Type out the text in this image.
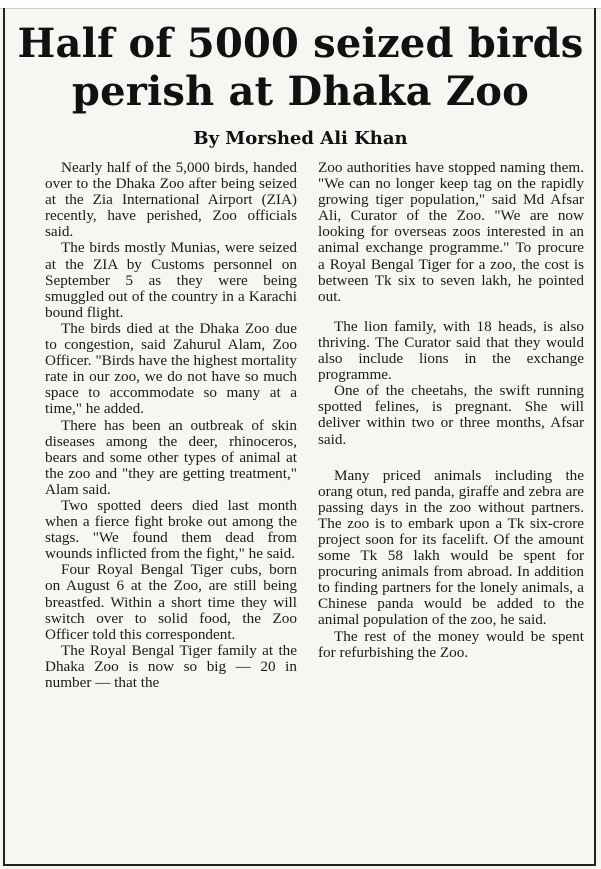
Half of 5000 seized birds perish at Dhaka Zoo
By Morshed Ali Khan

Nearly half of the 5,000 birds, handed over to the Dhaka Zoo after being seized at the Zia International Airport (ZIA) recently, have perished, Zoo officials said.

The birds mostly Munias, were seized at the ZIA by Customs personnel on September 5 as they were being smuggled out of the country in a Karachi bound flight.

The birds died at the Dhaka Zoo due to congestion, said Zahurul Alam, Zoo Officer. "Birds have the highest mortality rate in our zoo, we do not have so much space to accommodate so many at a time," he added.

There has been an outbreak of skin diseases among the deer, rhinoceros, bears and some other types of animal at the zoo and "they are getting treatment," Alam said.

Two spotted deers died last month when a fierce fight broke out among the stags. "We found them dead from wounds inflicted from the fight," he said.

Four Royal Bengal Tiger cubs, born on August 6 at the Zoo, are still being breastfed. Within a short time they will switch over to solid food, the Zoo Officer told this correspondent.

The Royal Bengal Tiger family at the Dhaka Zoo is now so big — 20 in number — that the

Zoo authorities have stopped naming them. "We can no longer keep tag on the rapidly growing tiger population," said Md Afsar Ali, Curator of the Zoo. "We are now looking for overseas zoos interested in an animal exchange programme." To procure a Royal Bengal Tiger for a zoo, the cost is between Tk six to seven lakh, he pointed out.

The lion family, with 18 heads, is also thriving. The Curator said that they would also include lions in the exchange programme.

One of the cheetahs, the swift running spotted felines, is pregnant. She will deliver within two or three months, Afsar said.

Many priced animals including the orang otun, red panda, giraffe and zebra are passing days in the zoo without partners. The zoo is to embark upon a Tk six-crore project soon for its facelift. Of the amount some Tk 58 lakh would be spent for procuring animals from abroad. In addition to finding partners for the lonely animals, a Chinese panda would be added to the animal population of the zoo, he said.

The rest of the money would be spent for refurbishing the Zoo.
